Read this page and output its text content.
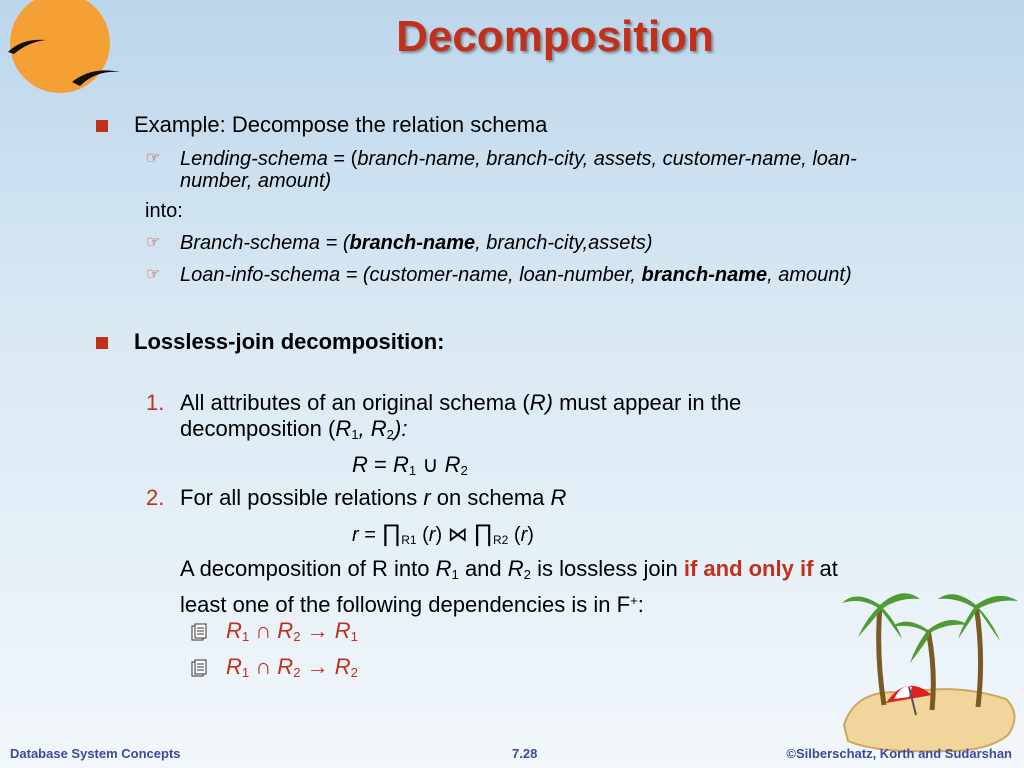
Decomposition
Example: Decompose the relation schema
☞ Lending-schema = (branch-name, branch-city, assets, customer-name, loan-
number, amount)
into:
☞ Branch-schema = (branch-name, branch-city,assets)
☞ Loan-info-schema = (customer-name, loan-number, branch-name, amount)
Lossless-join decomposition:
1. All attributes of an original schema (R) must appear in the
decomposition ($R_1$, $R_2$):
$R = R_1$ ∪ $R_2$
2. For all possible relations r on schema R
$r = \prod_{R1}$ (r) ⋈ $\prod_{R2}$ (r)
A decomposition of R into $R_1$ and $R_2$ is lossless join if and only if at
least one of the following dependencies is in F+:
$R_1$ ∩ $R_2 \to R_1$
$R_1$ ∩ $R_2 \to R_2$
Database System Concepts	7.28	©Silberschatz, Korth and Sudarshan
